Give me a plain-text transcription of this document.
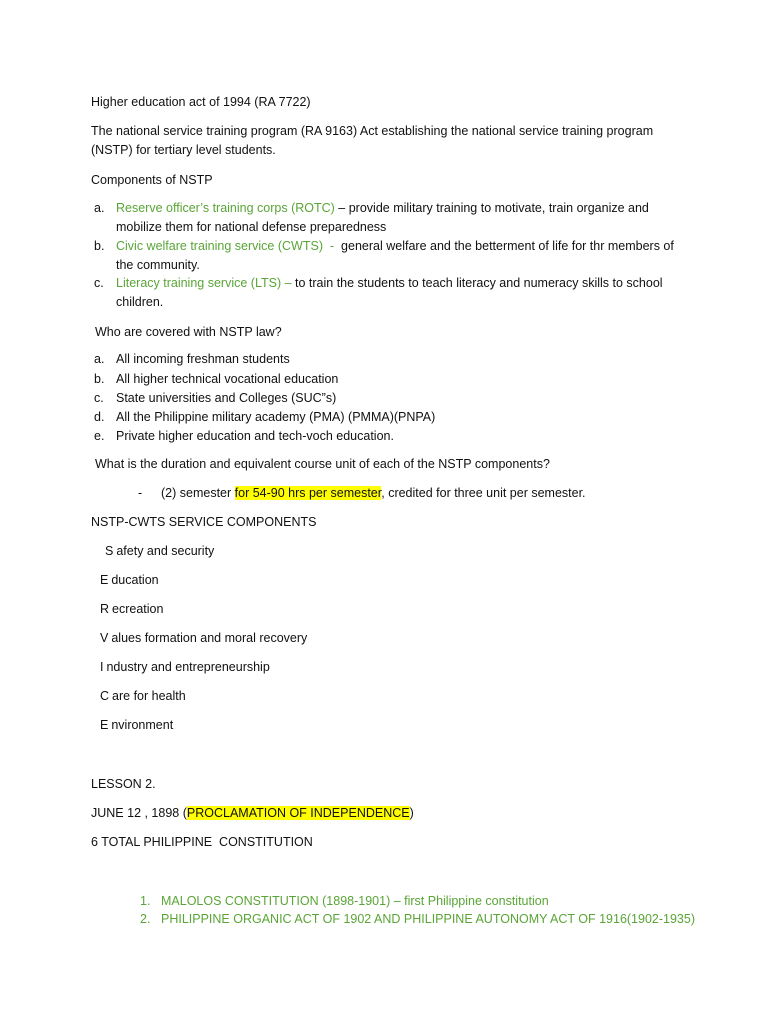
Higher education act of 1994 (RA 7722)
The national service training program (RA 9163) Act establishing the national service training program (NSTP) for tertiary level students.
Components of NSTP
a. Reserve officer’s training corps (ROTC) – provide military training to motivate, train organize and mobilize them for national defense preparedness
b. Civic welfare training service (CWTS)  -  general welfare and the betterment of life for thr members of the community.
c. Literacy training service (LTS) – to train the students to teach literacy and numeracy skills to school children.
Who are covered with NSTP law?
a. All incoming freshman students
b. All higher technical vocational education
c. State universities and Colleges (SUC”s)
d. All the Philippine military academy (PMA) (PMMA)(PNPA)
e. Private higher education and tech-voch education.
What is the duration and equivalent course unit of each of the NSTP components?
- (2) semester for 54-90 hrs per semester, credited for three unit per semester.
NSTP-CWTS SERVICE COMPONENTS
S afety and security
E ducation
R ecreation
V alues formation and moral recovery
I ndustry and entrepreneurship
C are for health
E nvironment
LESSON 2.
JUNE 12 , 1898 (PROCLAMATION OF INDEPENDENCE)
6 TOTAL PHILIPPINE  CONSTITUTION
1. MALOLOS CONSTITUTION (1898-1901) – first Philippine constitution
2. PHILIPPINE ORGANIC ACT OF 1902 AND PHILIPPINE AUTONOMY ACT OF 1916(1902-1935)
